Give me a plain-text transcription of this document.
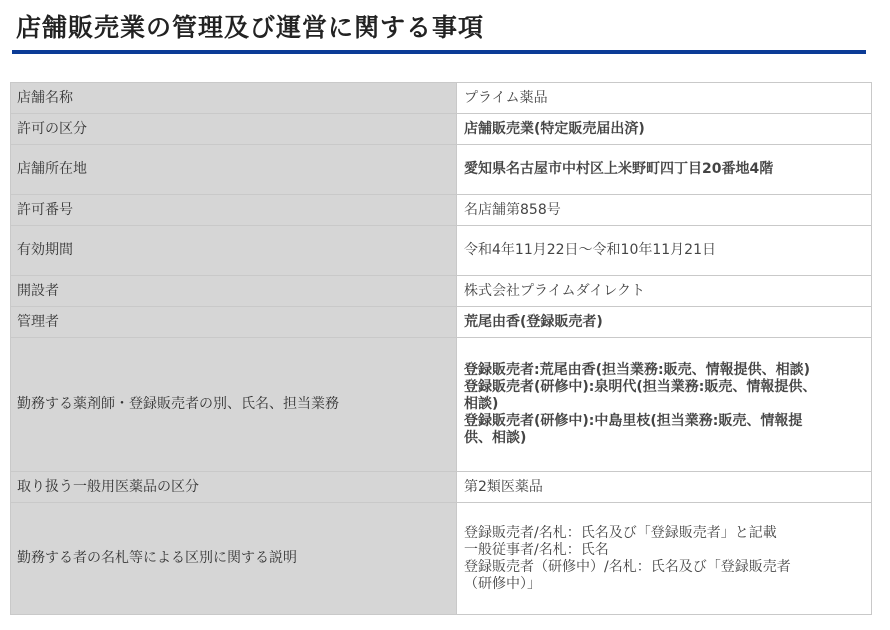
店舗販売業の管理及び運営に関する事項
店舗名称	プライム薬品
許可の区分	店舗販売業(特定販売届出済)
店舗所在地	愛知県名古屋市中村区上米野町四丁目20番地4階
許可番号	名店舗第858号
有効期間	令和4年11月22日～令和10年11月21日
開設者	株式会社プライムダイレクト
管理者	荒尾由香(登録販売者)
勤務する薬剤師・登録販売者の別、氏名、担当業務	登録販売者:荒尾由香(担当業務:販売、情報提供、相談)
登録販売者(研修中):泉明代(担当業務:販売、情報提供、
相談)
登録販売者(研修中):中島里枝(担当業務:販売、情報提
供、相談)

取り扱う一般用医薬品の区分	第2類医薬品
勤務する者の名札等による区別に関する説明	登録販売者/名札：氏名及び「登録販売者」と記載
一般従事者/名札：氏名
登録販売者（研修中）/名札：氏名及び「登録販売者
（研修中）」
